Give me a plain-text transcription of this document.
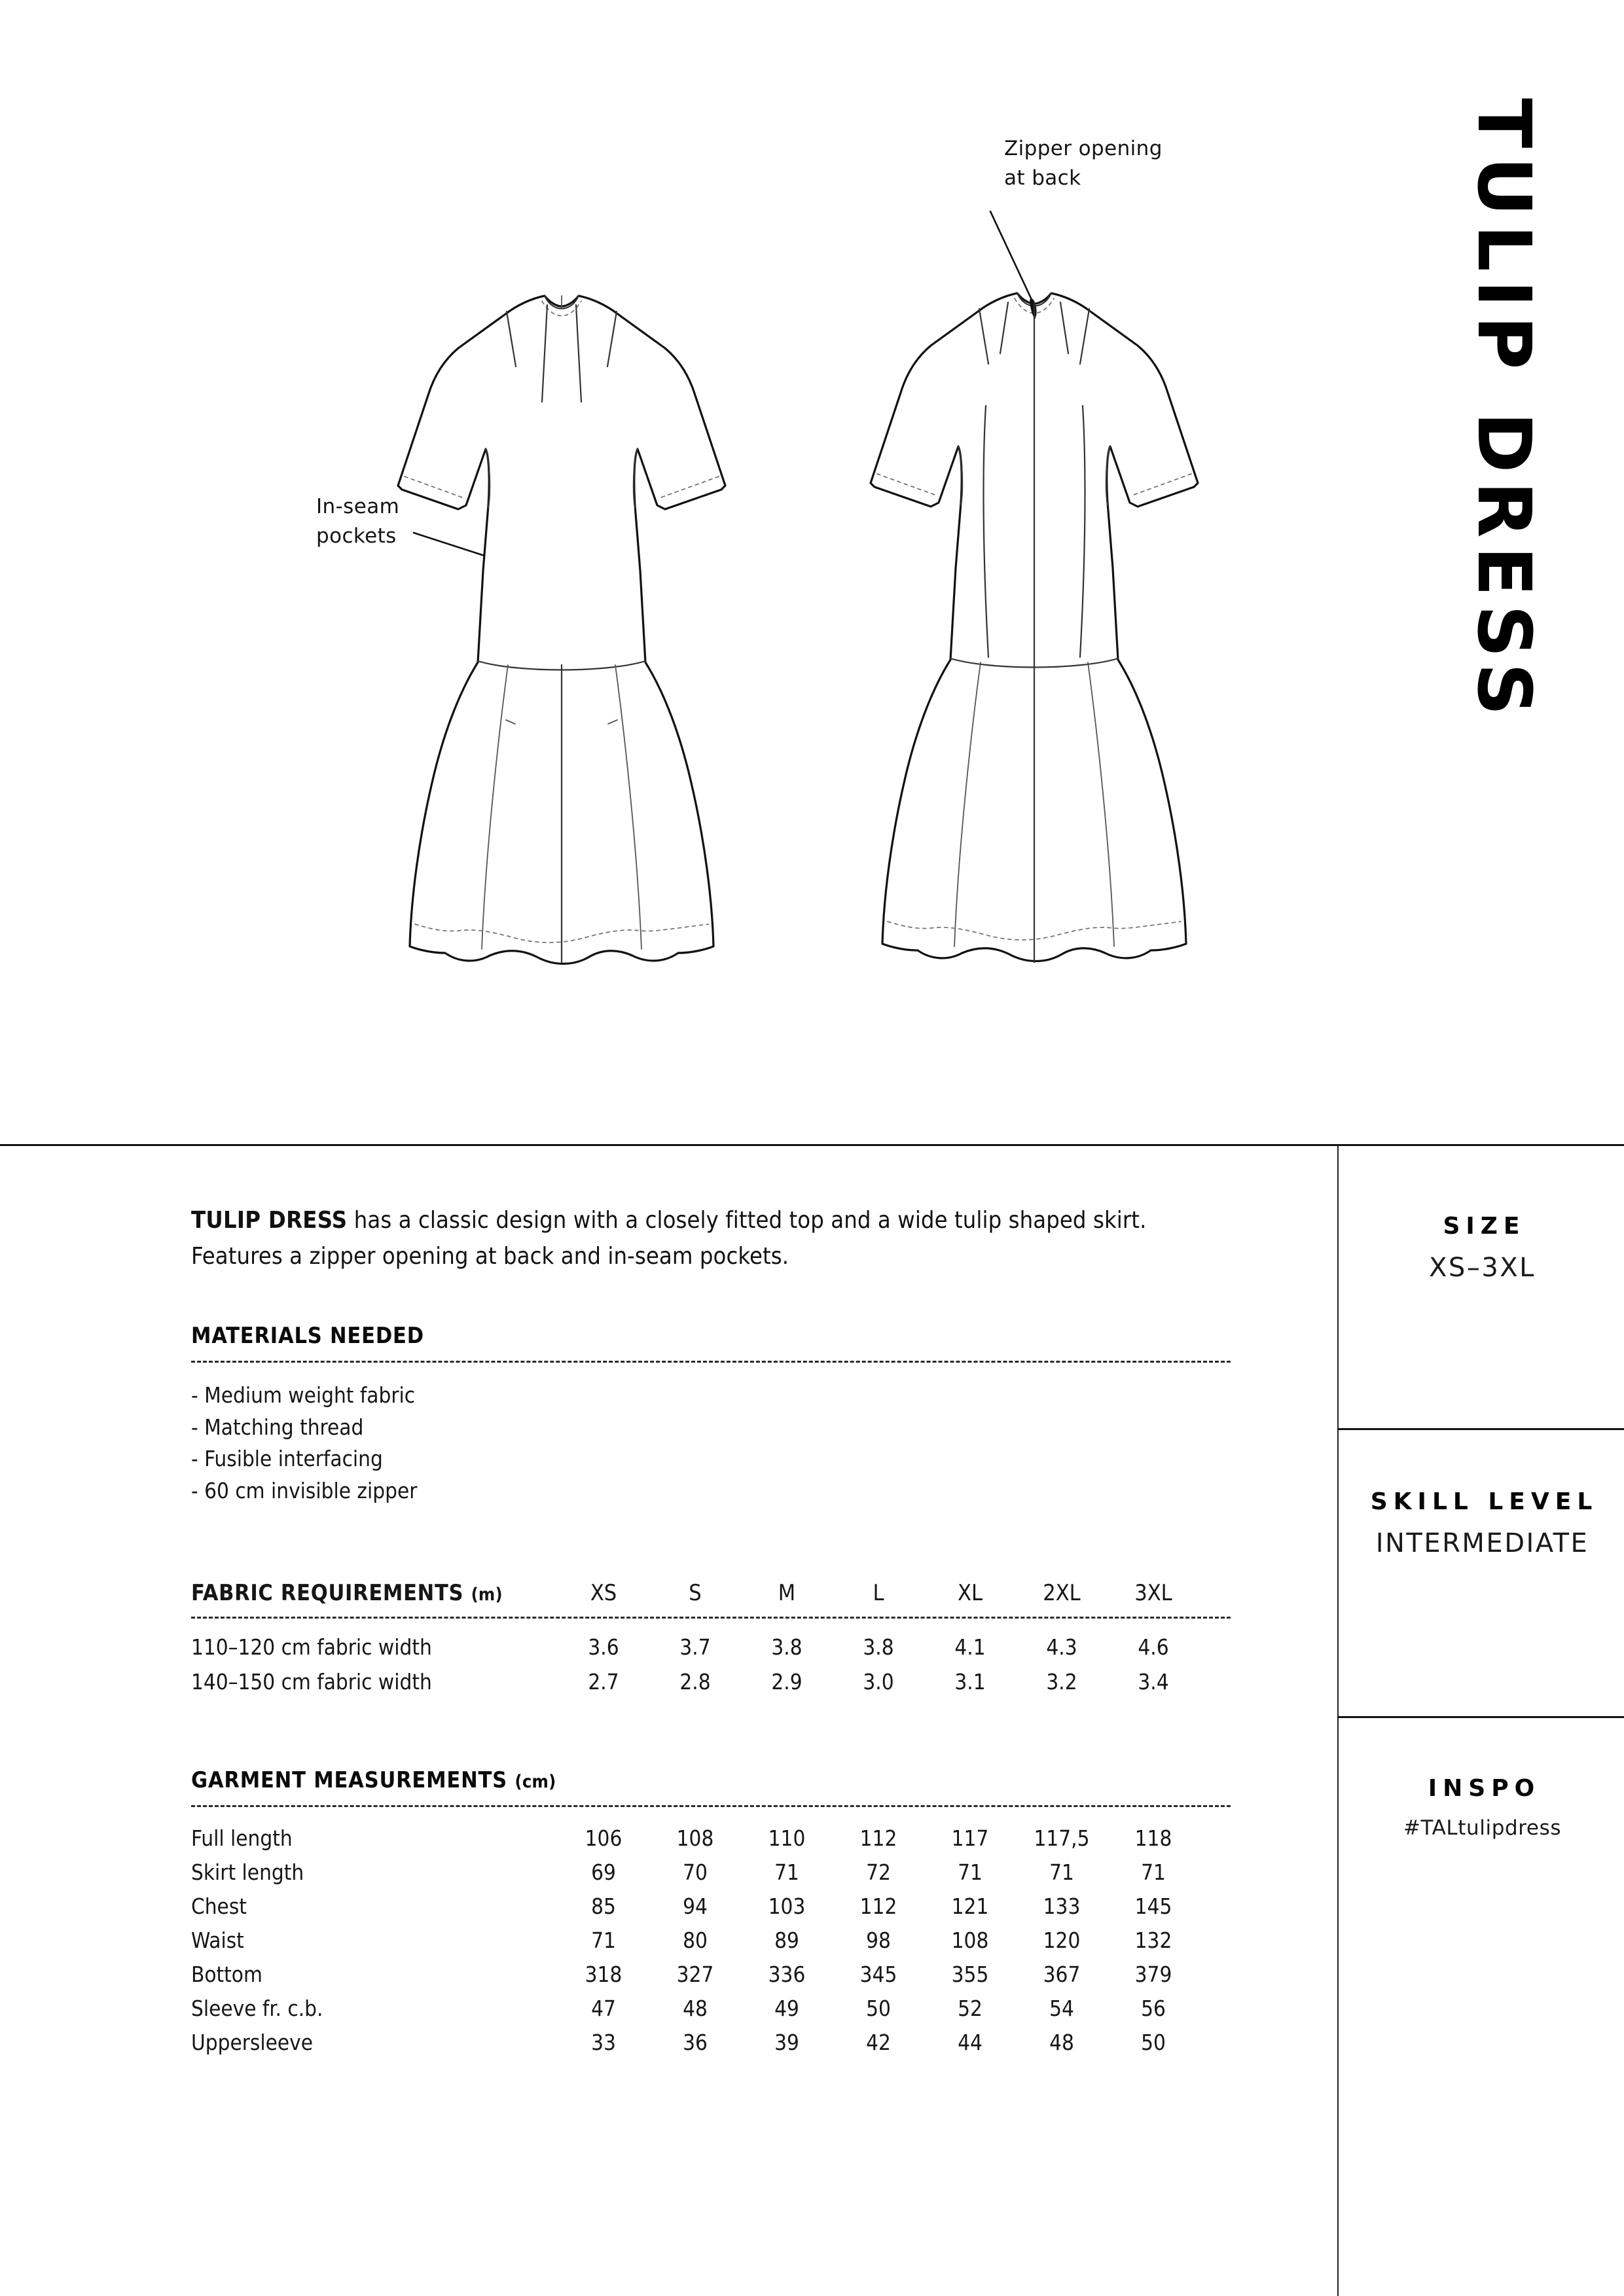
Zipper opening
at back
In-seam
pockets	TULIP DRESS

TULIP DRESS has a classic design with a closely fitted top and a wide tulip shaped skirt. Features a zipper opening at back and in-seam pockets.

MATERIALS NEEDED
- Medium weight fabric
- Matching thread
- Fusible interfacing
- 60 cm invisible zipper
FABRIC REQUIREMENTS (m)	XS	S	M	L	XL	2XL	3XL
110–120 cm fabric width	3.6	3.7	3.8	3.8	4.1	4.3	4.6
140–150 cm fabric width	2.7	2.8	2.9	3.0	3.1	3.2	3.4
GARMENT MEASUREMENTS (cm)
Full length	106	108	110	112	117	117,5	118
Skirt length	69	70	71	72	71	71	71
Chest	85	94	103	112	121	133	145
Waist	71	80	89	98	108	120	132
Bottom	318	327	336	345	355	367	379
Sleeve fr. c.b.	47	48	49	50	52	54	56
Uppersleeve	33	36	39	42	44	48	50
SIZE
XS–3XL
SKILL LEVEL
INTERMEDIATE
INSPO
#TALtulipdress
